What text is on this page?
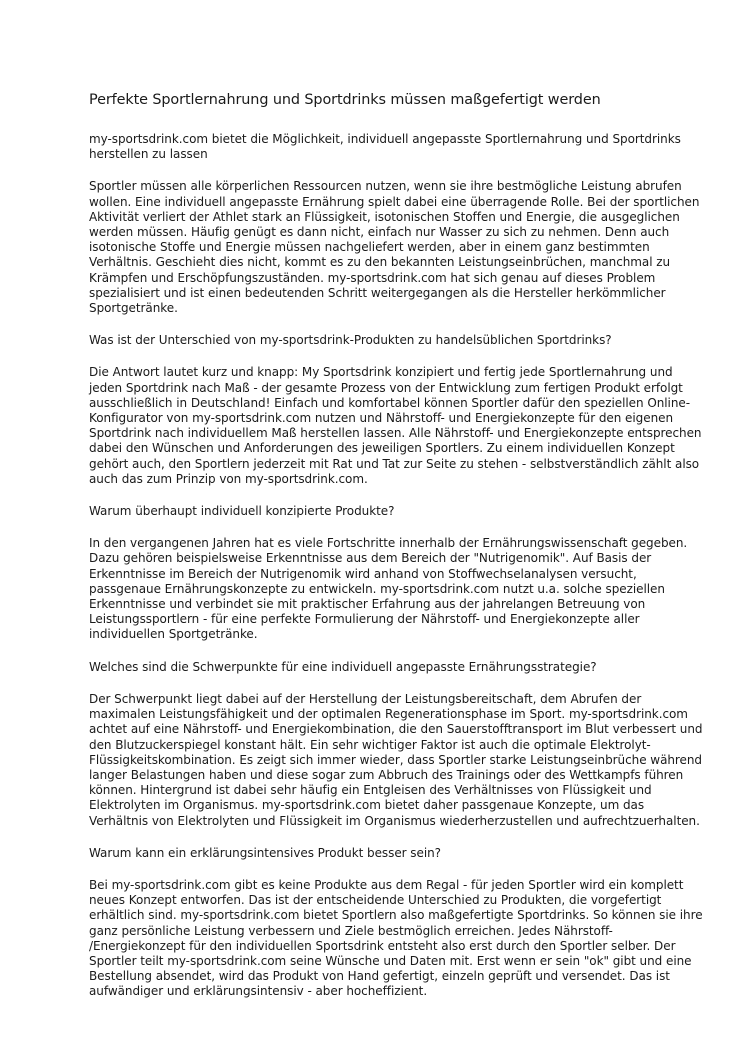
Perfekte Sportlernahrung und Sportdrinks müssen maßgefertigt werden

my-sportsdrink.com bietet die Möglichkeit, individuell angepasste Sportlernahrung und Sportdrinks
herstellen zu lassen

Sportler müssen alle körperlichen Ressourcen nutzen, wenn sie ihre bestmögliche Leistung abrufen
wollen. Eine individuell angepasste Ernährung spielt dabei eine überragende Rolle. Bei der sportlichen
Aktivität verliert der Athlet stark an Flüssigkeit, isotonischen Stoffen und Energie, die ausgeglichen
werden müssen. Häufig genügt es dann nicht, einfach nur Wasser zu sich zu nehmen. Denn auch
isotonische Stoffe und Energie müssen nachgeliefert werden, aber in einem ganz bestimmten
Verhältnis. Geschieht dies nicht, kommt es zu den bekannten Leistungseinbrüchen, manchmal zu
Krämpfen und Erschöpfungszuständen. my-sportsdrink.com hat sich genau auf dieses Problem
spezialisiert und ist einen bedeutenden Schritt weitergegangen als die Hersteller herkömmlicher
Sportgetränke.

Was ist der Unterschied von my-sportsdrink-Produkten zu handelsüblichen Sportdrinks?

Die Antwort lautet kurz und knapp: My Sportsdrink konzipiert und fertig jede Sportlernahrung und
jeden Sportdrink nach Maß - der gesamte Prozess von der Entwicklung zum fertigen Produkt erfolgt
ausschließlich in Deutschland! Einfach und komfortabel können Sportler dafür den speziellen Online-
Konfigurator von my-sportsdrink.com nutzen und Nährstoff- und Energiekonzepte für den eigenen
Sportdrink nach individuellem Maß herstellen lassen. Alle Nährstoff- und Energiekonzepte entsprechen
dabei den Wünschen und Anforderungen des jeweiligen Sportlers. Zu einem individuellen Konzept
gehört auch, den Sportlern jederzeit mit Rat und Tat zur Seite zu stehen - selbstverständlich zählt also
auch das zum Prinzip von my-sportsdrink.com.

Warum überhaupt individuell konzipierte Produkte?

In den vergangenen Jahren hat es viele Fortschritte innerhalb der Ernährungswissenschaft gegeben.
Dazu gehören beispielsweise Erkenntnisse aus dem Bereich der "Nutrigenomik". Auf Basis der
Erkenntnisse im Bereich der Nutrigenomik wird anhand von Stoffwechselanalysen versucht,
passgenaue Ernährungskonzepte zu entwickeln. my-sportsdrink.com nutzt u.a. solche speziellen
Erkenntnisse und verbindet sie mit praktischer Erfahrung aus der jahrelangen Betreuung von
Leistungssportlern - für eine perfekte Formulierung der Nährstoff- und Energiekonzepte aller
individuellen Sportgetränke.

Welches sind die Schwerpunkte für eine individuell angepasste Ernährungsstrategie?

Der Schwerpunkt liegt dabei auf der Herstellung der Leistungsbereitschaft, dem Abrufen der
maximalen Leistungsfähigkeit und der optimalen Regenerationsphase im Sport. my-sportsdrink.com
achtet auf eine Nährstoff- und Energiekombination, die den Sauerstofftransport im Blut verbessert und
den Blutzuckerspiegel konstant hält. Ein sehr wichtiger Faktor ist auch die optimale Elektrolyt-
Flüssigkeitskombination. Es zeigt sich immer wieder, dass Sportler starke Leistungseinbrüche während
langer Belastungen haben und diese sogar zum Abbruch des Trainings oder des Wettkampfs führen
können. Hintergrund ist dabei sehr häufig ein Entgleisen des Verhältnisses von Flüssigkeit und
Elektrolyten im Organismus. my-sportsdrink.com bietet daher passgenaue Konzepte, um das
Verhältnis von Elektrolyten und Flüssigkeit im Organismus wiederherzustellen und aufrechtzuerhalten.

Warum kann ein erklärungsintensives Produkt besser sein?

Bei my-sportsdrink.com gibt es keine Produkte aus dem Regal - für jeden Sportler wird ein komplett
neues Konzept entworfen. Das ist der entscheidende Unterschied zu Produkten, die vorgefertigt
erhältlich sind. my-sportsdrink.com bietet Sportlern also maßgefertigte Sportdrinks. So können sie ihre
ganz persönliche Leistung verbessern und Ziele bestmöglich erreichen. Jedes Nährstoff-
/Energiekonzept für den individuellen Sportsdrink entsteht also erst durch den Sportler selber. Der
Sportler teilt my-sportsdrink.com seine Wünsche und Daten mit. Erst wenn er sein "ok" gibt und eine
Bestellung absendet, wird das Produkt von Hand gefertigt, einzeln geprüft und versendet. Das ist
aufwändiger und erklärungsintensiv - aber hocheffizient.
